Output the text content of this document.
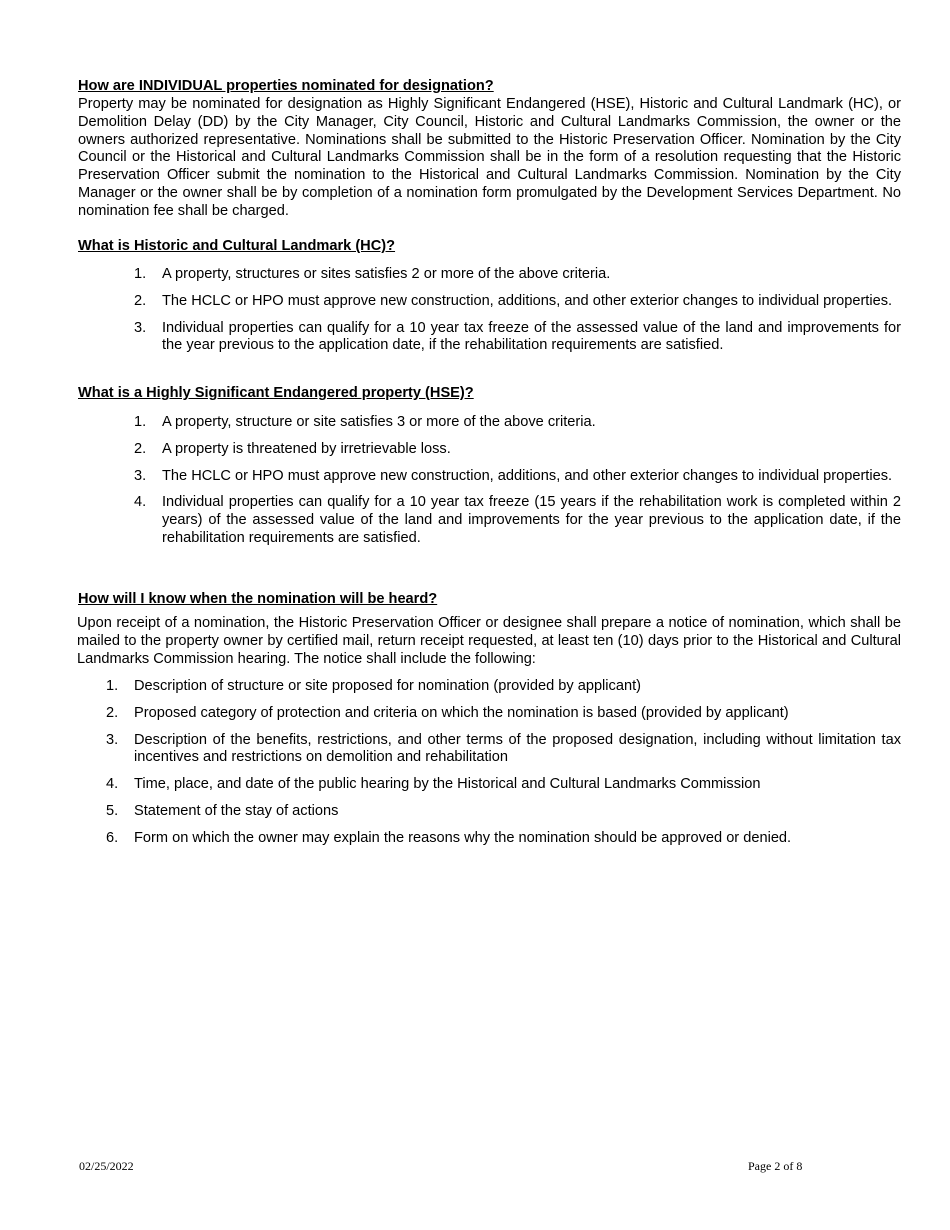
How are INDIVIDUAL properties nominated for designation?
Property may be nominated for designation as Highly Significant Endangered (HSE), Historic and Cultural Landmark (HC), or Demolition Delay (DD) by the City Manager, City Council, Historic and Cultural Landmarks Commission, the owner or the owners authorized representative. Nominations shall be submitted to the Historic Preservation Officer. Nomination by the City Council or the Historical and Cultural Landmarks Commission shall be in the form of a resolution requesting that the Historic Preservation Officer submit the nomination to the Historical and Cultural Landmarks Commission. Nomination by the City Manager or the owner shall be by completion of a nomination form promulgated by the Development Services Department. No nomination fee shall be charged.
What is Historic and Cultural Landmark (HC)?
1. A property, structures or sites satisfies 2 or more of the above criteria.
2. The HCLC or HPO must approve new construction, additions, and other exterior changes to individual properties.
3. Individual properties can qualify for a 10 year tax freeze of the assessed value of the land and improvements for the year previous to the application date, if the rehabilitation requirements are satisfied.
What is a Highly Significant Endangered property (HSE)?
1. A property, structure or site satisfies 3 or more of the above criteria.
2. A property is threatened by irretrievable loss.
3. The HCLC or HPO must approve new construction, additions, and other exterior changes to individual properties.
4. Individual properties can qualify for a 10 year tax freeze (15 years if the rehabilitation work is completed within 2 years) of the assessed value of the land and improvements for the year previous to the application date, if the rehabilitation requirements are satisfied.
How will I know when the nomination will be heard?
Upon receipt of a nomination, the Historic Preservation Officer or designee shall prepare a notice of nomination, which shall be mailed to the property owner by certified mail, return receipt requested, at least ten (10) days prior to the Historical and Cultural Landmarks Commission hearing. The notice shall include the following:
1. Description of structure or site proposed for nomination (provided by applicant)
2. Proposed category of protection and criteria on which the nomination is based (provided by applicant)
3. Description of the benefits, restrictions, and other terms of the proposed designation, including without limitation tax incentives and restrictions on demolition and rehabilitation
4. Time, place, and date of the public hearing by the Historical and Cultural Landmarks Commission
5. Statement of the stay of actions
6. Form on which the owner may explain the reasons why the nomination should be approved or denied.
02/25/2022	Page 2 of 8
